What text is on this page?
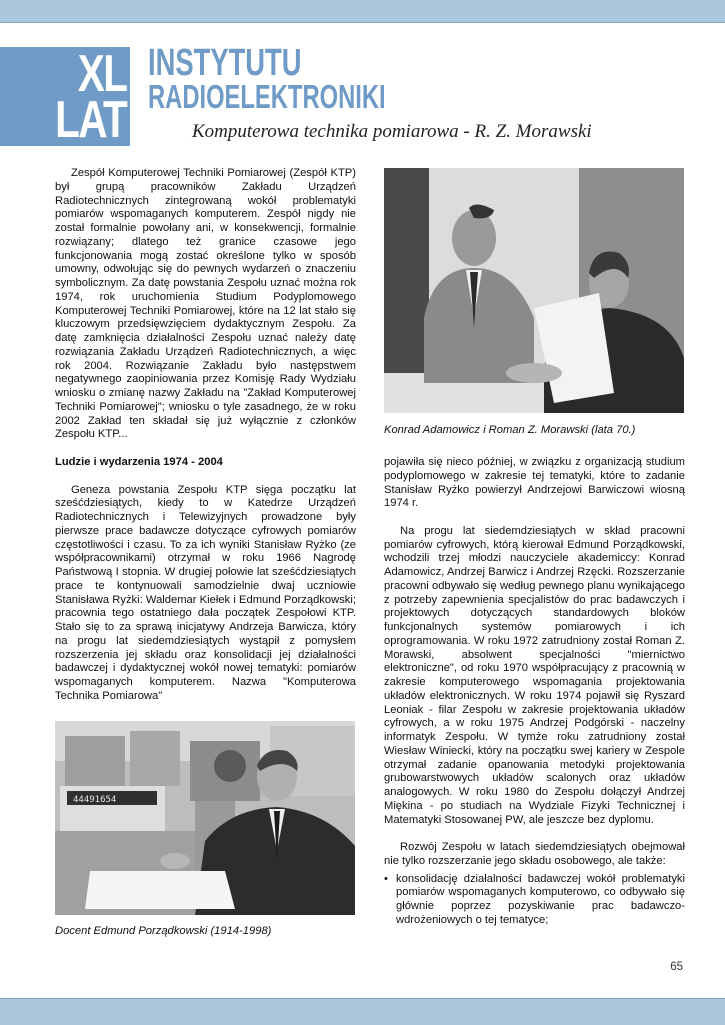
XL
LAT
INSTYTUTU
RADIOELEKTRONIKI
Komputerowa technika pomiarowa - R. Z. Morawski

Zespół Komputerowej Techniki Pomiarowej (Zespół KTP) był grupą pracowników Zakładu Urządzeń Radiotechnicznych zintegrowaną wokół problematyki pomiarów wspomaganych komputerem. Zespół nigdy nie został formalnie powołany ani, w konsekwencji, formalnie rozwiązany; dlatego też granice czasowe jego funkcjonowania mogą zostać określone tylko w sposób umowny, odwołując się do pewnych wydarzeń o znaczeniu symbolicznym. Za datę powstania Zespołu uznać można rok 1974, rok uruchomienia Studium Podyplomowego Komputerowej Techniki Pomiarowej, które na 12 lat stało się kluczowym przedsięwzięciem dydaktycznym Zespołu. Za datę zamknięcia działalności Zespołu uznać należy datę rozwiązania Zakładu Urządzeń Radiotechnicznych, a więc rok 2004. Rozwiązanie Zakładu było następstwem negatywnego zaopiniowania przez Komisję Rady Wydziału wniosku o zmianę nazwy Zakładu na "Zakład Komputerowej Techniki Pomiarowej"; wniosku o tyle zasadnego, że w roku 2002 Zakład ten składał się już wyłącznie z członków Zespołu KTP...

Ludzie i wydarzenia 1974 - 2004

Geneza powstania Zespołu KTP sięga początku lat sześćdziesiątych, kiedy to w Katedrze Urządzeń Radiotechnicznych i Telewizyjnych prowadzone były pierwsze prace badawcze dotyczące cyfrowych pomiarów częstotliwości i czasu. To za ich wyniki Stanisław Ryżko (ze współpracownikami) otrzymał w roku 1966 Nagrodę Państwową I stopnia. W drugiej połowie lat sześćdziesiątych prace te kontynuowali samodzielnie dwaj uczniowie Stanisława Ryżki: Waldemar Kiełek i Edmund Porządkowski; pracownia tego ostatniego dała początek Zespołowi KTP. Stało się to za sprawą inicjatywy Andrzeja Barwicza, który na progu lat siedemdziesiątych wystąpił z pomysłem rozszerzenia jej składu oraz konsolidacji jej działalności badawczej i dydaktycznej wokół nowej tematyki: pomiarów wspomaganych komputerem. Nazwa "Komputerowa Technika Pomiarowa"

Konrad Adamowicz i Roman Z. Morawski (lata 70.)
44491654
Docent Edmund Porządkowski (1914-1998)

pojawiła się nieco później, w związku z organizacją studium podyplomowego w zakresie tej tematyki, które to zadanie Stanisław Ryżko powierzył Andrzejowi Barwiczowi wiosną 1974 r.

Na progu lat siedemdziesiątych w skład pracowni pomiarów cyfrowych, którą kierował Edmund Porządkowski, wchodzili trzej młodzi nauczyciele akademiccy: Konrad Adamowicz, Andrzej Barwicz i Andrzej Rzęcki. Rozszerzanie pracowni odbywało się według pewnego planu wynikającego z potrzeby zapewnienia specjalistów do prac badawczych i projektowych dotyczących standardowych bloków funkcjonalnych systemów pomiarowych i ich oprogramowania. W roku 1972 zatrudniony został Roman Z. Morawski, absolwent specjalności "miernictwo elektroniczne", od roku 1970 współpracujący z pracownią w zakresie komputerowego wspomagania projektowania układów elektronicznych. W roku 1974 pojawił się Ryszard Leoniak - filar Zespołu w zakresie projektowania układów cyfrowych, a w roku 1975 Andrzej Podgórski - naczelny informatyk Zespołu. W tymże roku zatrudniony został Wiesław Winiecki, który na początku swej kariery w Zespole otrzymał zadanie opanowania metodyki projektowania grubowarstwowych układów scalonych oraz układów analogowych. W roku 1980 do Zespołu dołączył Andrzej Miękina - po studiach na Wydziale Fizyki Technicznej i Matematyki Stosowanej PW, ale jeszcze bez dyplomu.

Rozwój Zespołu w latach siedemdziesiątych obejmował nie tylko rozszerzanie jego składu osobowego, ale także:

• konsolidację działalności badawczej wokół problematyki pomiarów wspomaganych komputerowo, co odbywało się głównie poprzez pozyskiwanie prac badawczo-wdrożeniowych o tej tematyce;
65
